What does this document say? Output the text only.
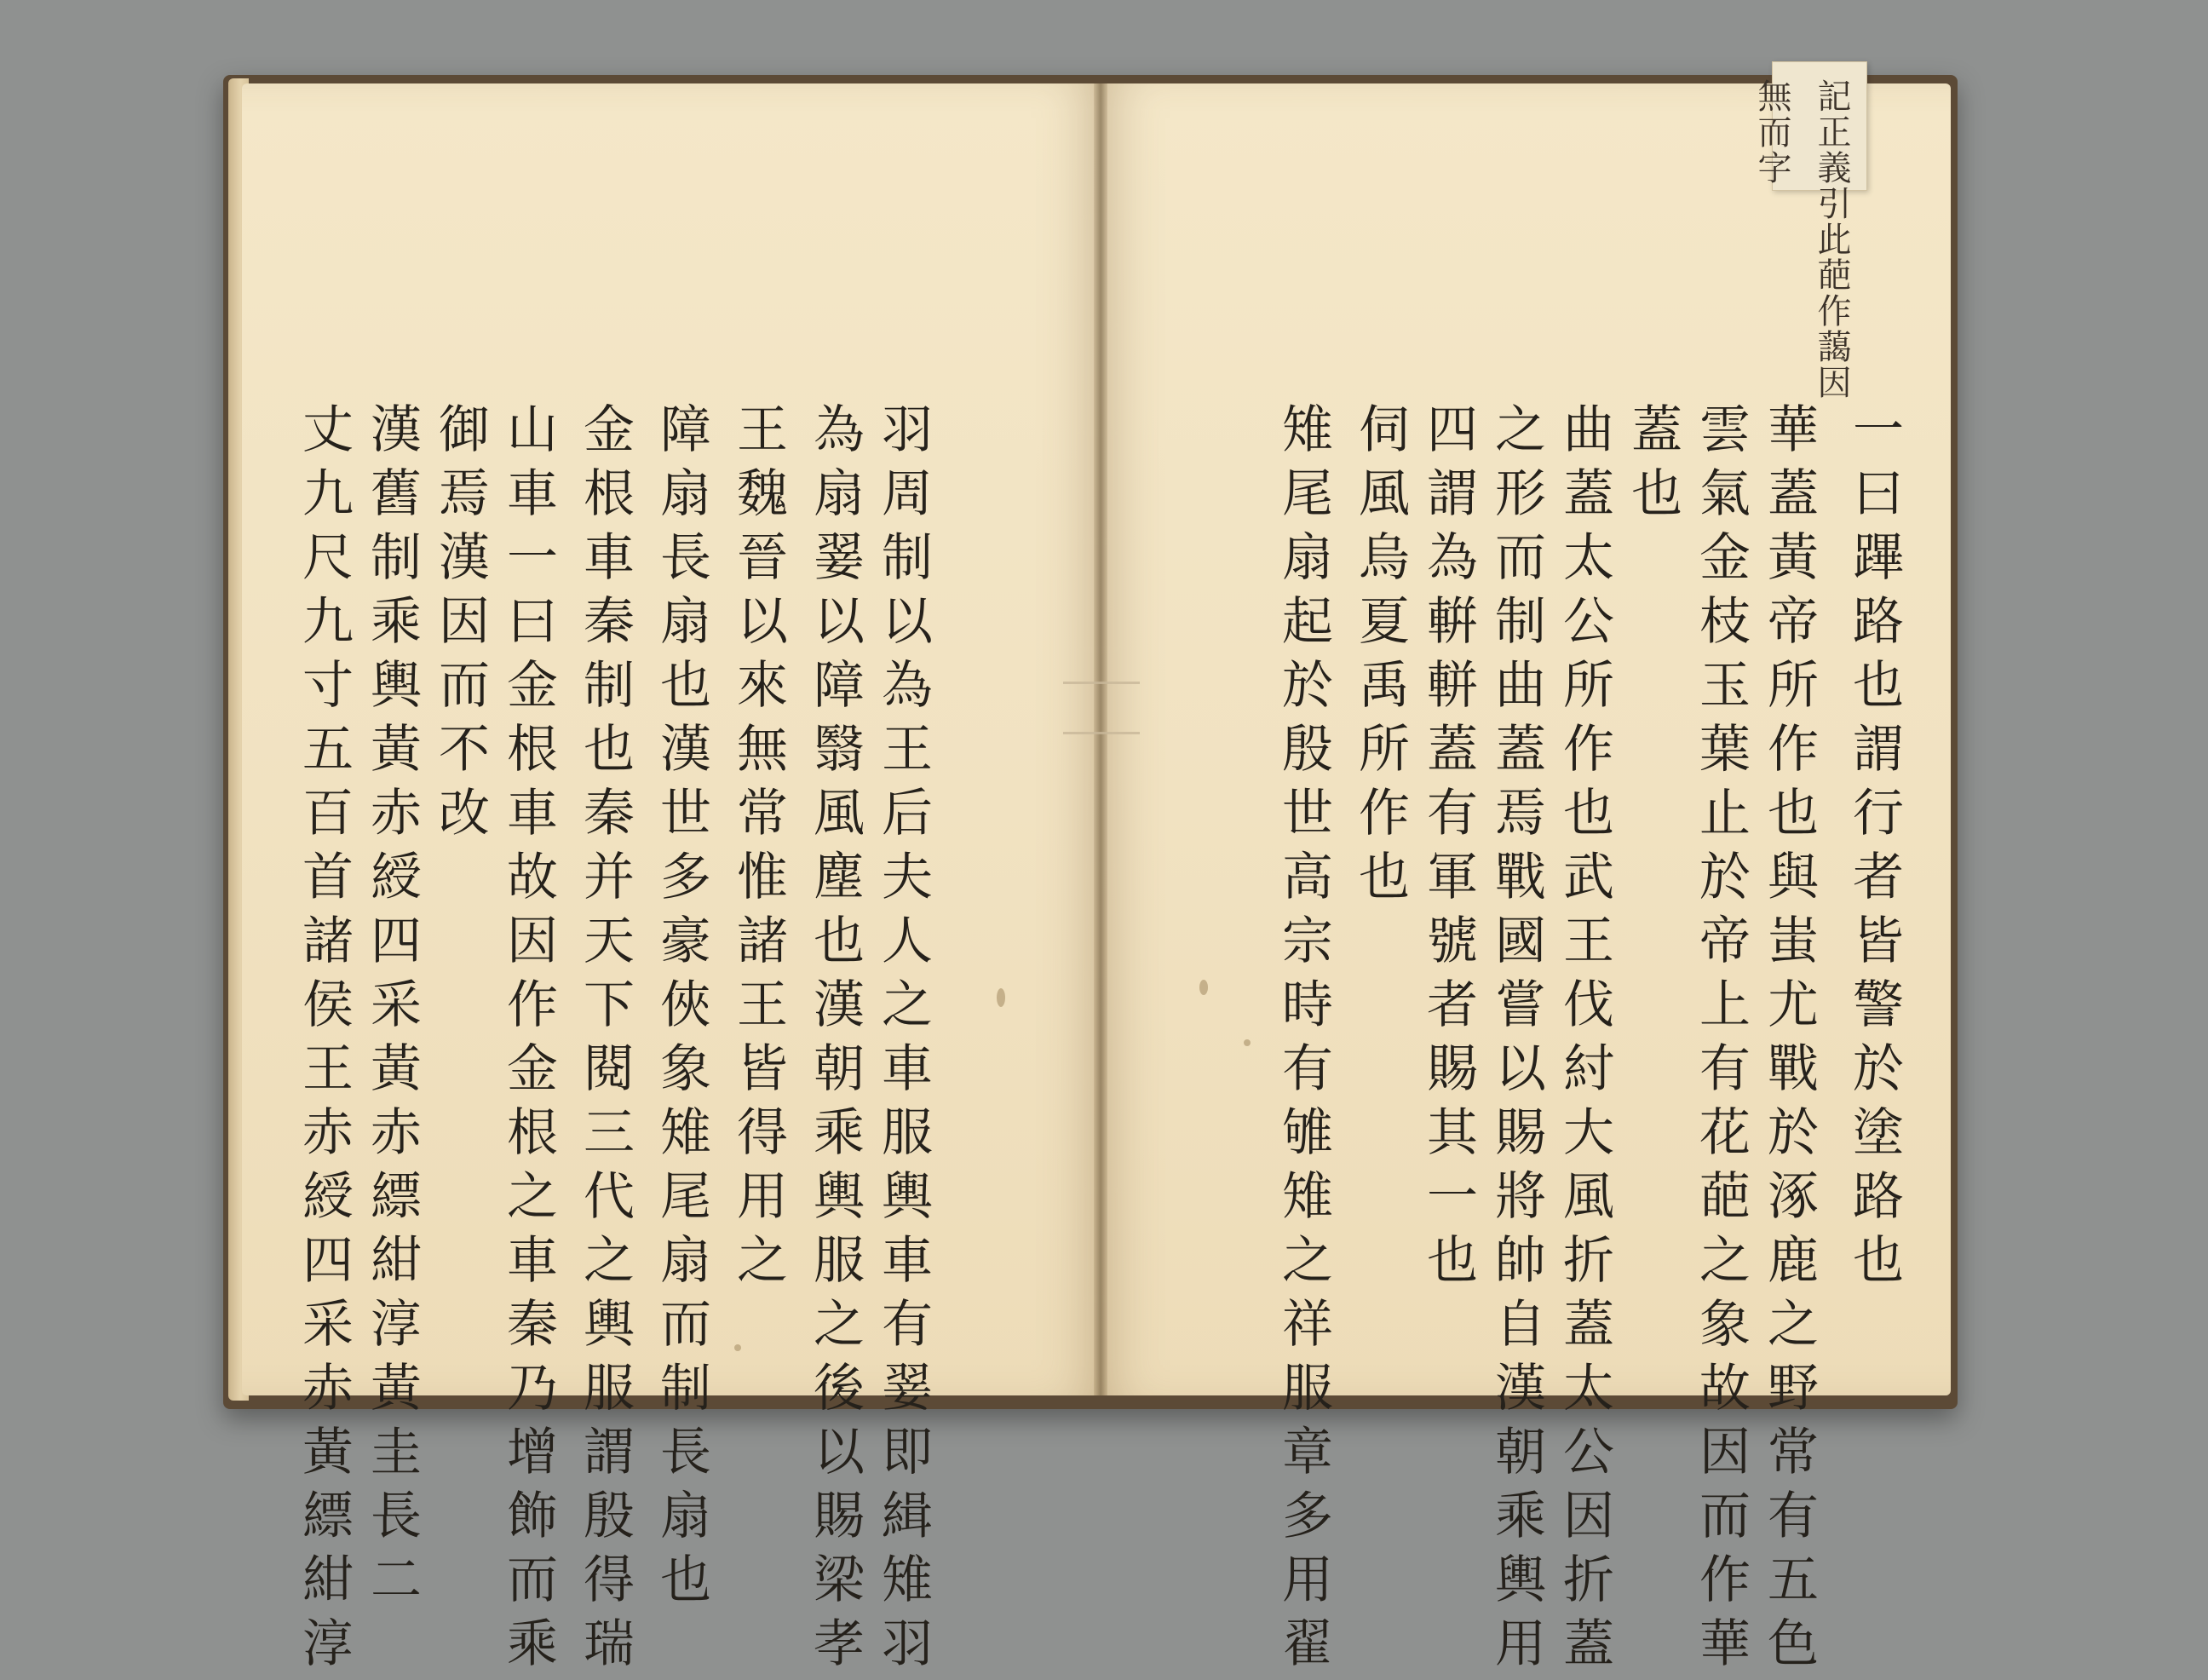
記正義引此葩作藹因
無而字
一曰蹕路也謂行者皆警於塗路也
華蓋黃帝所作也與蚩尤戰於涿鹿之野常有五色
雲氣金枝玉葉止於帝上有花葩之象故因而作華
蓋也
曲蓋太公所作也武王伐紂大風折蓋太公因折蓋
之形而制曲蓋焉戰國嘗以賜將帥自漢朝乘輿用
四謂為輧軿蓋有軍號者賜其一也
伺風烏夏禹所作也
雉尾扇起於殷世高宗時有雊雉之祥服章多用翟
羽周制以為王后夫人之車服輿車有翣即緝雉羽
為扇翣以障翳風塵也漢朝乘輿服之後以賜梁孝
王魏晉以來無常惟諸王皆得用之
障扇長扇也漢世多豪俠象雉尾扇而制長扇也
金根車秦制也秦并天下閱三代之輿服謂殷得瑞
山車一曰金根車故因作金根之車秦乃增飾而乘
御焉漢因而不改
漢舊制乘輿黃赤綬四采黃赤縹紺淳黃圭長二
丈九尺九寸五百首諸侯王赤綬四采赤黃縹紺淳
